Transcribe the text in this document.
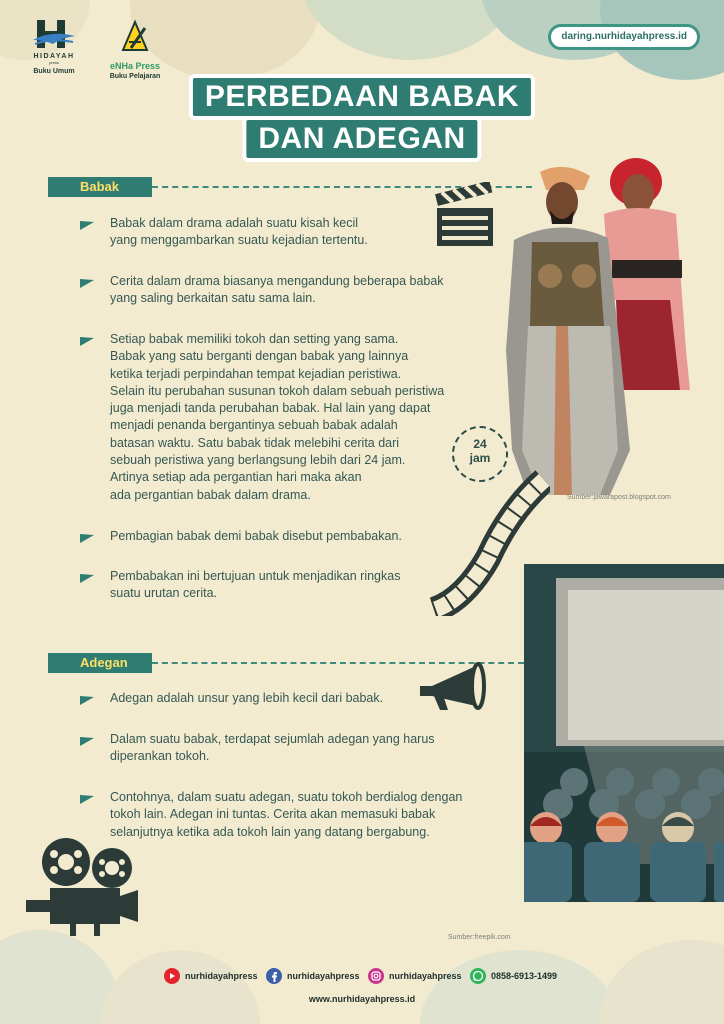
HIDAYAH
press
Buku Umum
eNHa Press
Buku Pelajaran
daring.nurhidayahpress.id
PERBEDAAN BABAK
DAN ADEGAN
Babak
Sumber:jawarapost.blogspot.com
24
jam
Babak dalam drama adalah suatu kisah kecil
yang menggambarkan suatu kejadian tertentu.
Cerita dalam drama biasanya mengandung beberapa babak
yang saling berkaitan satu sama lain.
Setiap babak memiliki tokoh dan setting yang sama.
Babak yang satu berganti dengan babak yang lainnya
ketika terjadi perpindahan tempat kejadian peristiwa.
Selain itu perubahan susunan tokoh dalam sebuah peristiwa
juga menjadi tanda perubahan babak. Hal lain yang dapat
menjadi penanda bergantinya sebuah babak adalah
batasan waktu. Satu babak tidak melebihi cerita dari
sebuah peristiwa yang berlangsung lebih dari 24 jam.
Artinya setiap ada pergantian hari maka akan
ada pergantian babak dalam drama.
Pembagian babak demi babak disebut pembabakan.
Pembabakan ini bertujuan untuk menjadikan ringkas
suatu urutan cerita.
Adegan
Sumber:freepik.com
Adegan adalah unsur yang lebih kecil dari babak.
Dalam suatu babak, terdapat sejumlah adegan yang harus
diperankan tokoh.
Contohnya, dalam suatu adegan, suatu tokoh berdialog dengan
tokoh lain. Adegan ini tuntas. Cerita akan memasuki babak
selanjutnya ketika ada tokoh lain yang datang bergabung.
nurhidayahpress	nurhidayahpress	nurhidayahpress	0858-6913-1499
www.nurhidayahpress.id
